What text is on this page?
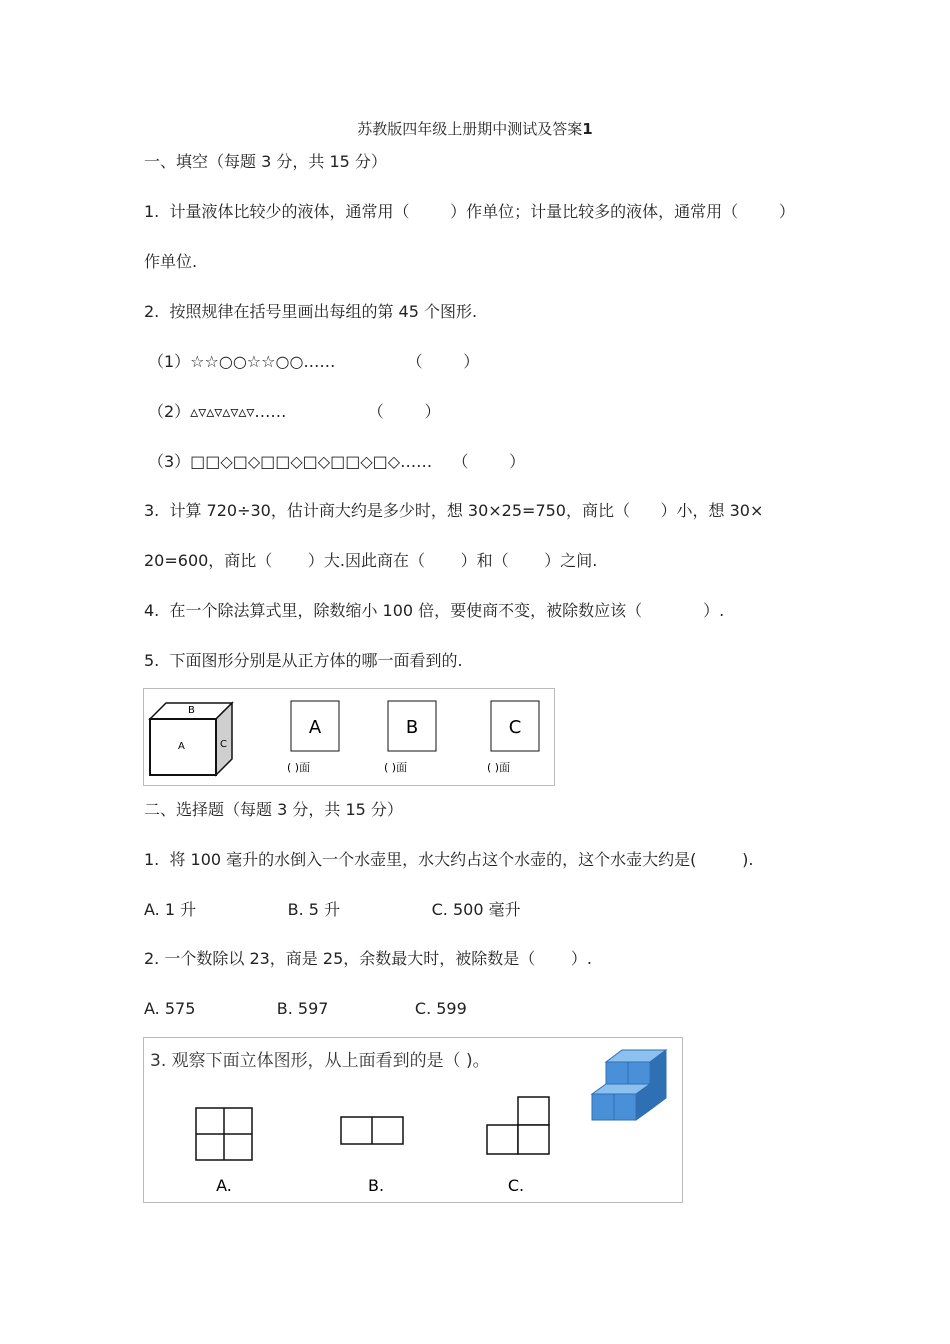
苏教版四年级上册期中测试及答案1
一、填空（每题 3 分，共 15 分）
1.  计量液体比较少的液体，通常用（        ）作单位；计量比较多的液体，通常用（        ）
作单位.
2.  按照规律在括号里画出每组的第 45 个图形.
（1）☆☆○○☆☆○○……              （        ）
（2）▵▿▵▿▵▿▵▿……                （        ）
（3）□□◇□◇□□◇□◇□□◇□◇……    （        ）
3.  计算 720÷30，估计商大约是多少时，想 30×25=750，商比（      ）小，想 30×
20=600，商比（       ）大.因此商在（       ）和（       ）之间.
4.  在一个除法算式里，除数缩小 100 倍，要使商不变，被除数应该（            ）.
5.  下面图形分别是从正方体的哪一面看到的.
B
A	C
A
( )面
B
( )面
C
( )面
二、选择题（每题 3 分，共 15 分）
1.  将 100 毫升的水倒入一个水壶里，水大约占这个水壶的，这个水壶大约是(         ).
A. 1 升                  B. 5 升                  C. 500 毫升
2. 一个数除以 23，商是 25，余数最大时，被除数是（       ）.
A. 575                B. 597                 C. 599
3. 观察下面立体图形，从上面看到的是（ )。
A.	B.	C.
